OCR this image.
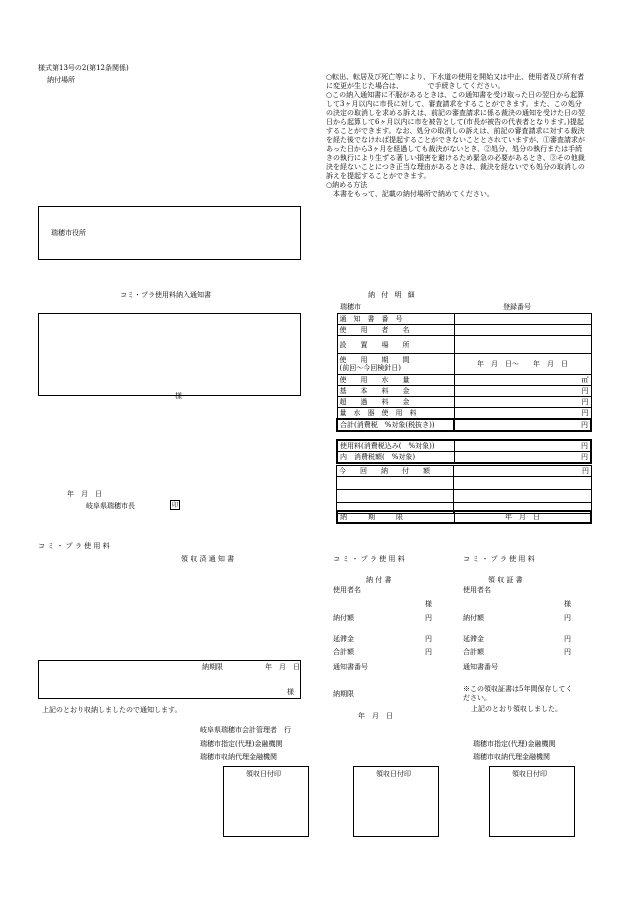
様式第13号の2(第12条関係)
納付場所
瑞穂市役所
○転出、転居及び死亡等により、下水道の使用を開始又は中止、使用者及び所有者に変更が生じた場合は、　　　　で手続きしてください。
○この納入通知書に不服があるときは、この通知書を受け取った日の翌日から起算して3ヶ月以内に市長に対して、審査請求をすることができます。また、この処分の決定の取消しを求める訴えは、前記の審査請求に係る裁決の通知を受けた日の翌日から起算して6ヶ月以内に市を被告として(市長が被告の代表者となります。)提起することができます。なお、処分の取消しの訴えは、前記の審査請求に対する裁決を経た後でなければ提起することができないこととされていますが、①審査請求があった日から3ヶ月を経過しても裁決がないとき、②処分、処分の執行または手続きの執行により生ずる著しい損害を避けるため緊急の必要があるとき、③その他裁決を経ないことにつき正当な理由があるときは、裁決を経ないでも処分の取消しの訴えを提起することができます。
○納める方法
　本書をもって、記載の納付場所で納めてください。
コミ・プラ使用料納入通知書
様
年　月　日
岐阜県瑞穂市長	印
納 付 明 細
瑞穂市	登録番号
通　知　書　番　号	
使　　用　　者　　名	
設　　置　　場　　所	

使　　用　　期　　間
(前回～今回検針日)	年　月　日～　　年　月　日
使　　用　　水　　量	㎥
基　　本　　料　　金	円
超　　過　　料　　金	円
量　水　器　使　用　料	円
合計(消費税　%対象(税抜き))	円
使用料(消費税込み(　%対象))	円
内　消費税額(　%対象)	円
今　　回　　納　　付　　額	円

納　　　期　　　限	年　月　日
コ ミ ・ プ ラ 使 用 料
領 収 済 通 知 書
納期限	年　月　日
様
上記のとおり収納しましたので通知します。
岐阜県瑞穂市会計管理者　行
瑞穂市指定(代理)金融機関
瑞穂市収納代理金融機関
領収日付印
コ ミ ・ プ ラ 使 用 料
納 付 書
使用者名
様
納付額	円
延滞金	円
合計額	円
通知書番号
納期限
年　月　日
領収日付印
コ ミ ・ プ ラ 使 用 料
領 収 証 書
使用者名
様
納付額	円
延滞金	円
合計額	円
通知書番号
※この領収証書は5年間保存してください。
上記のとおり領収しました。
瑞穂市指定(代理)金融機関
瑞穂市収納代理金融機関
領収日付印
